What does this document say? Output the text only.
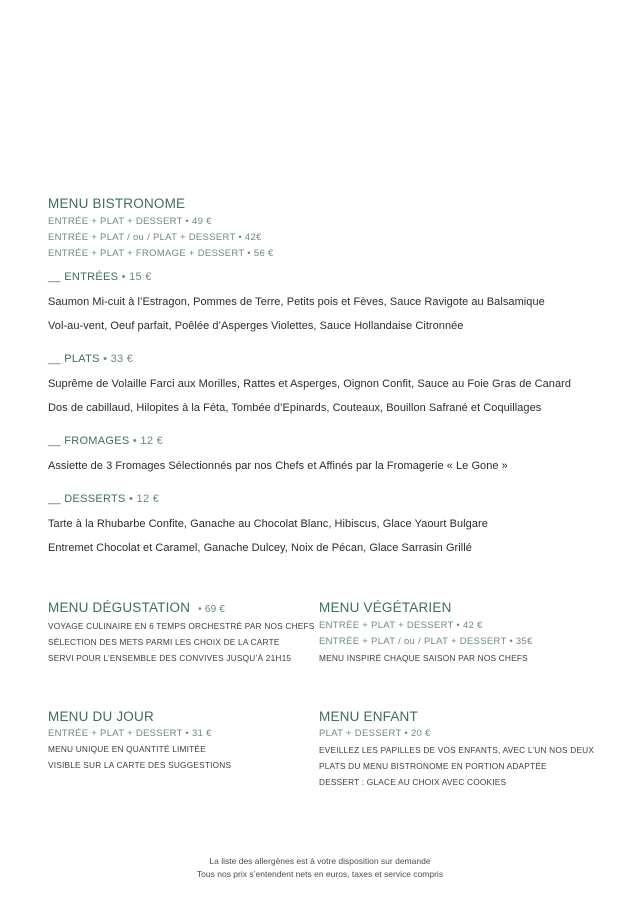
MENU BISTRONOME
ENTRÉE + PLAT + DESSERT • 49 €
ENTRÉE + PLAT / ou / PLAT + DESSERT • 42€
ENTRÉE + PLAT + FROMAGE + DESSERT • 56 €
__ ENTRÉES • 15 €
Saumon Mi-cuit à l’Estragon, Pommes de Terre, Petits pois et Fèves, Sauce Ravigote au Balsamique
Vol-au-vent, Oeuf parfait, Poêlée d’Asperges Violettes, Sauce Hollandaise Citronnée
__ PLATS • 33 €
Suprême de Volaille Farci aux Morilles, Rattes et Asperges, Oignon Confit, Sauce au Foie Gras de Canard
Dos de cabillaud, Hilopites à la Féta, Tombée d’Epinards, Couteaux, Bouillon Safrané et Coquillages
__ FROMAGES • 12 €
Assiette de 3 Fromages Sélectionnés par nos Chefs et Affinés par la Fromagerie « Le Gone »
__ DESSERTS • 12 €
Tarte à la Rhubarbe Confite, Ganache au Chocolat Blanc, Hibiscus, Glace Yaourt Bulgare
Entremet Chocolat et Caramel, Ganache Dulcey, Noix de Pécan, Glace Sarrasin Grillé
MENU DÉGUSTATION • 69 €
VOYAGE CULINAIRE EN 6 TEMPS ORCHESTRÉ PAR NOS CHEFS
SÉLECTION DES METS PARMI LES CHOIX DE LA CARTE
SERVI POUR L’ENSEMBLE DES CONVIVES JUSQU’À 21H15
MENU VÉGÉTARIEN
ENTRÉE + PLAT + DESSERT • 42 €
ENTRÉE + PLAT / ou / PLAT + DESSERT • 35€
MENU INSPIRÉ CHAQUE SAISON PAR NOS CHEFS
MENU DU JOUR
ENTRÉE + PLAT + DESSERT • 31 €
MENU UNIQUE EN QUANTITÉ LIMITÉE
VISIBLE SUR LA CARTE DES SUGGESTIONS
MENU ENFANT
PLAT + DESSERT • 20 €
EVEILLEZ LES PAPILLES DE VOS ENFANTS, AVEC L’UN NOS DEUX
PLATS DU MENU BISTRONOME EN PORTION ADAPTÉE
DESSERT : GLACE AU CHOIX AVEC COOKIES
La liste des allergènes est à votre disposition sur demande
Tous nos prix s’entendent nets en euros, taxes et service compris
